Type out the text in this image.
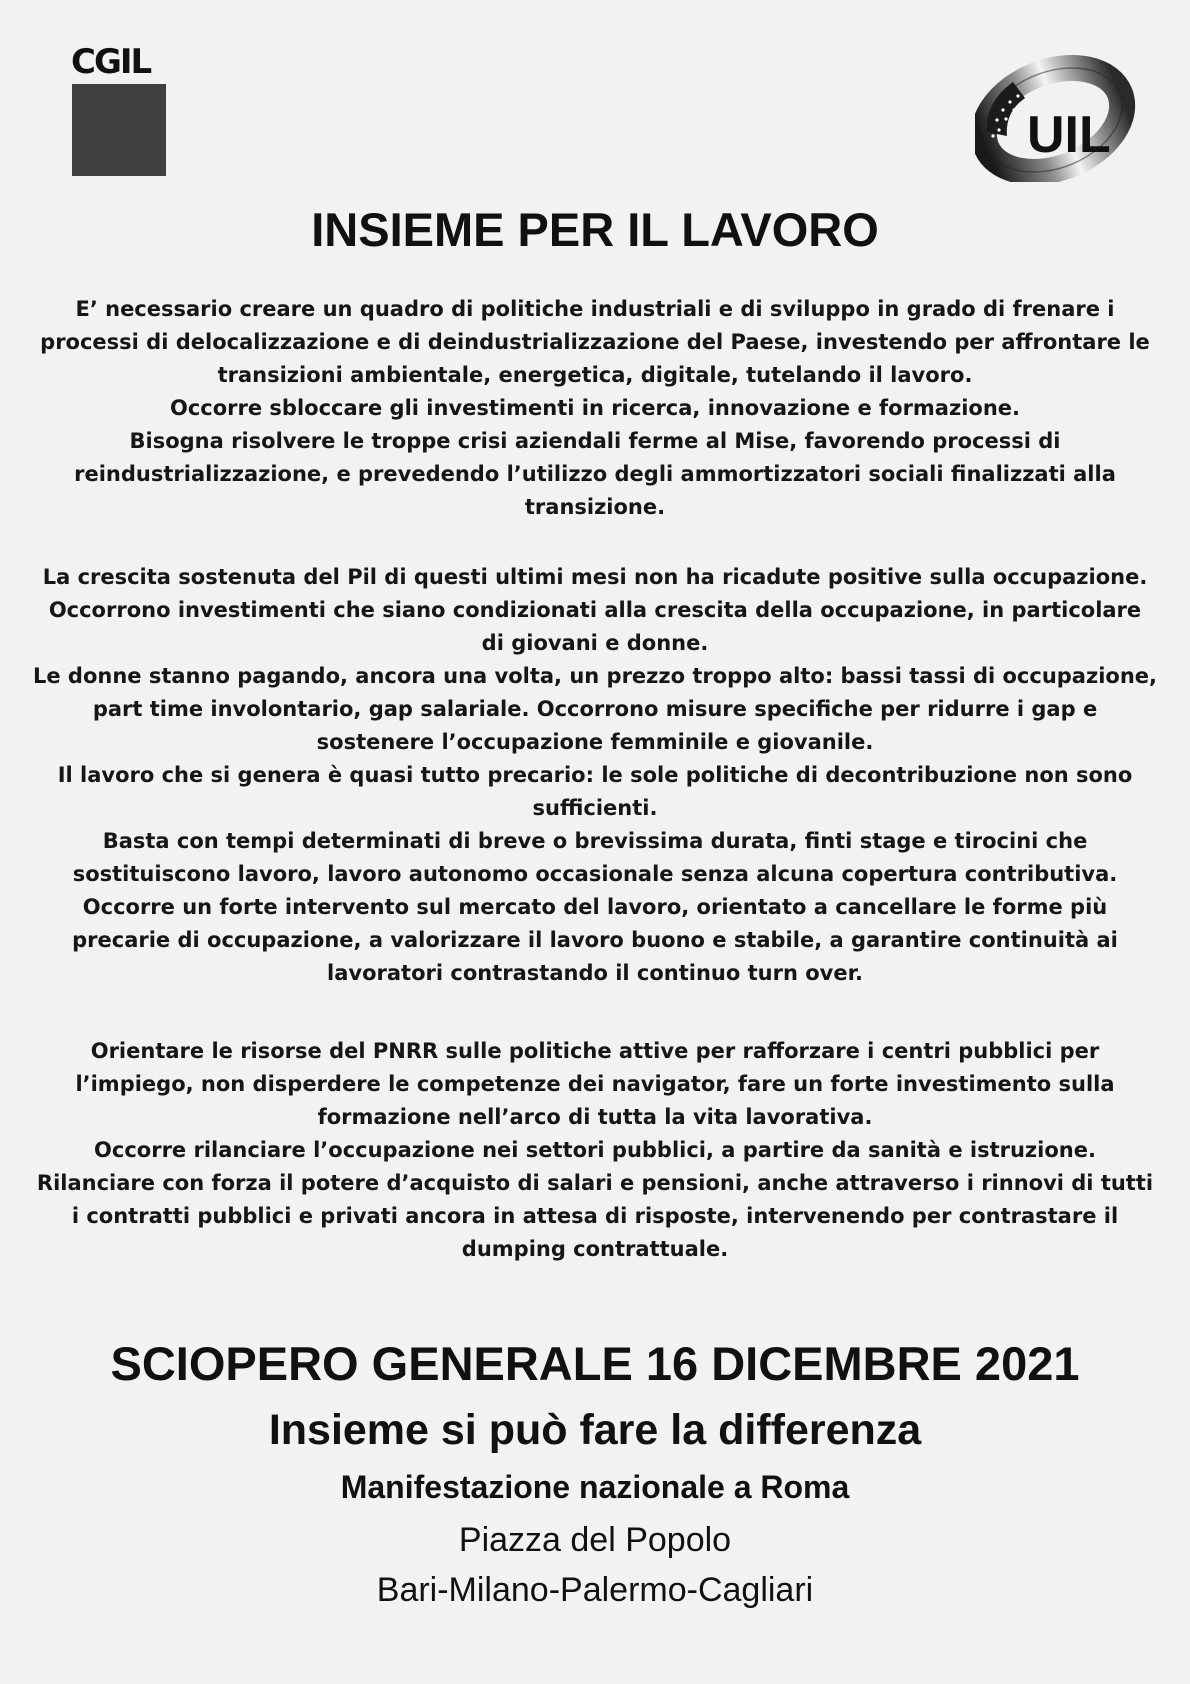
CGIL
UIL
INSIEME PER IL LAVORO
E’ necessario creare un quadro di politiche industriali e di sviluppo in grado di frenare i
processi di delocalizzazione e di deindustrializzazione del Paese, investendo per affrontare le
transizioni ambientale, energetica, digitale, tutelando il lavoro.
Occorre sbloccare gli investimenti in ricerca, innovazione e formazione.
Bisogna risolvere le troppe crisi aziendali ferme al Mise, favorendo processi di
reindustrializzazione, e prevedendo l’utilizzo degli ammortizzatori sociali finalizzati alla
transizione.
La crescita sostenuta del Pil di questi ultimi mesi non ha ricadute positive sulla occupazione.
Occorrono investimenti che siano condizionati alla crescita della occupazione, in particolare
di giovani e donne.
Le donne stanno pagando, ancora una volta, un prezzo troppo alto: bassi tassi di occupazione,
part time involontario, gap salariale. Occorrono misure specifiche per ridurre i gap e
sostenere l’occupazione femminile e giovanile.
Il lavoro che si genera è quasi tutto precario: le sole politiche di decontribuzione non sono
sufficienti.
Basta con tempi determinati di breve o brevissima durata, finti stage e tirocini che
sostituiscono lavoro, lavoro autonomo occasionale senza alcuna copertura contributiva.
Occorre un forte intervento sul mercato del lavoro, orientato a cancellare le forme più
precarie di occupazione, a valorizzare il lavoro buono e stabile, a garantire continuità ai
lavoratori contrastando il continuo turn over.
Orientare le risorse del PNRR sulle politiche attive per rafforzare i centri pubblici per
l’impiego, non disperdere le competenze dei navigator, fare un forte investimento sulla
formazione nell’arco di tutta la vita lavorativa.
Occorre rilanciare l’occupazione nei settori pubblici, a partire da sanità e istruzione.
Rilanciare con forza il potere d’acquisto di salari e pensioni, anche attraverso i rinnovi di tutti
i contratti pubblici e privati ancora in attesa di risposte, intervenendo per contrastare il
dumping contrattuale.
SCIOPERO GENERALE 16 DICEMBRE 2021
Insieme si può fare la differenza
Manifestazione nazionale a Roma
Piazza del Popolo
Bari-Milano-Palermo-Cagliari
